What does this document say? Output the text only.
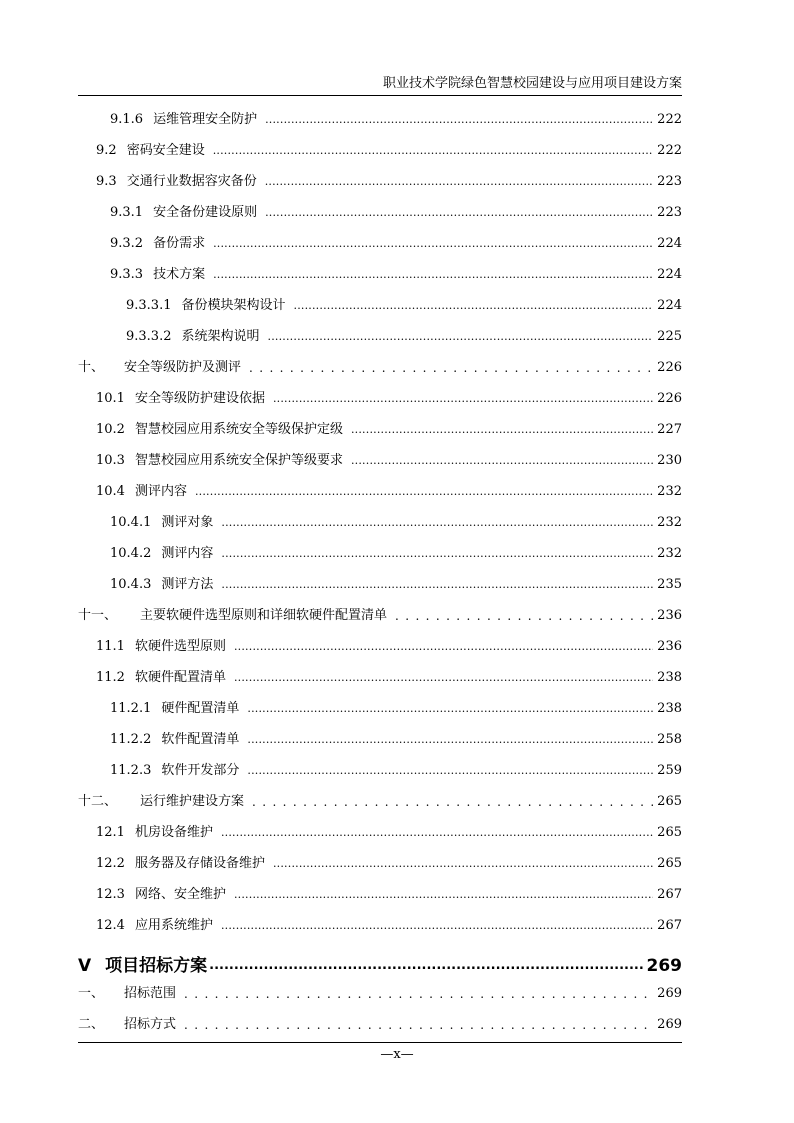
职业技术学院绿色智慧校园建设与应用项目建设方案
9.1.6 运维管理安全防护 .....	222
9.2 密码安全建设 .....	222
9.3 交通行业数据容灾备份 .....	223
9.3.1 安全备份建设原则 .....	223
9.3.2 备份需求 .....	224
9.3.3 技术方案 .....	224
9.3.3.1 备份模块架构设计 .....	224
9.3.3.2 系统架构说明 .....	225
十、	安全等级防护及测评 .....	226
10.1 安全等级防护建设依据 .....	226
10.2 智慧校园应用系统安全等级保护定级 .....	227
10.3 智慧校园应用系统安全保护等级要求 .....	230
10.4 测评内容 .....	232
10.4.1 测评对象 .....	232
10.4.2 测评内容 .....	232
10.4.3 测评方法 .....	235
十一、	主要软硬件选型原则和详细软硬件配置清单 .....	236
11.1 软硬件选型原则 .....	236
11.2 软硬件配置清单 .....	238
11.2.1 硬件配置清单 .....	238
11.2.2 软件配置清单 .....	258
11.2.3 软件开发部分 .....	259
十二、	运行维护建设方案 .....	265
12.1 机房设备维护 .....	265
12.2 服务器及存储设备维护 .....	265
12.3 网络、安全维护 .....	267
12.4 应用系统维护 .....	267
V 项目招标方案 .....	269
一、	招标范围 .....	269
二、	招标方式 .....	269
—x—
